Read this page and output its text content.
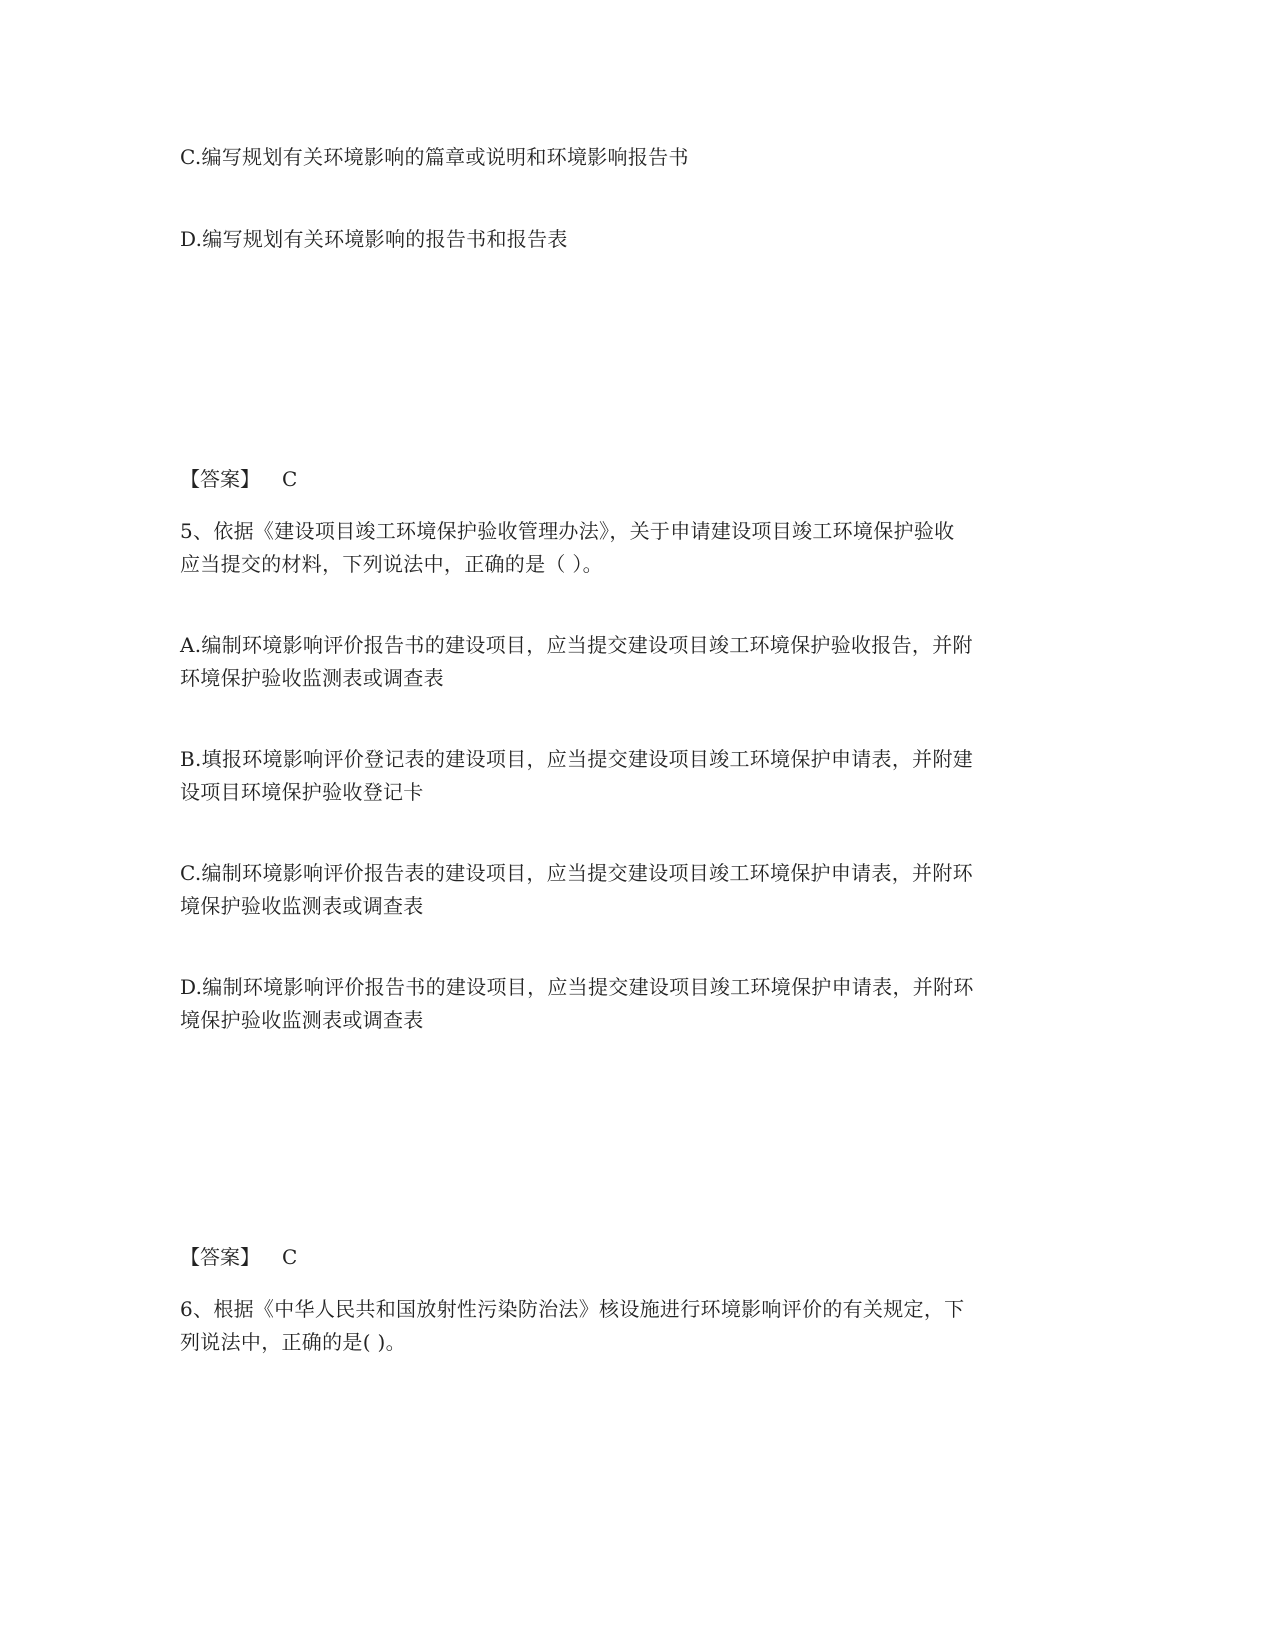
C.编写规划有关环境影响的篇章或说明和环境影响报告书
D.编写规划有关环境影响的报告书和报告表
【答案】 C
5、依据《建设项目竣工环境保护验收管理办法》，关于申请建设项目竣工环境保护验收
应当提交的材料，下列说法中，正确的是（ ）。
A.编制环境影响评价报告书的建设项目，应当提交建设项目竣工环境保护验收报告，并附
环境保护验收监测表或调查表
B.填报环境影响评价登记表的建设项目，应当提交建设项目竣工环境保护申请表，并附建
设项目环境保护验收登记卡
C.编制环境影响评价报告表的建设项目，应当提交建设项目竣工环境保护申请表，并附环
境保护验收监测表或调查表
D.编制环境影响评价报告书的建设项目，应当提交建设项目竣工环境保护申请表，并附环
境保护验收监测表或调查表
【答案】 C
6、根据《中华人民共和国放射性污染防治法》核设施进行环境影响评价的有关规定，下
列说法中，正确的是( )。
